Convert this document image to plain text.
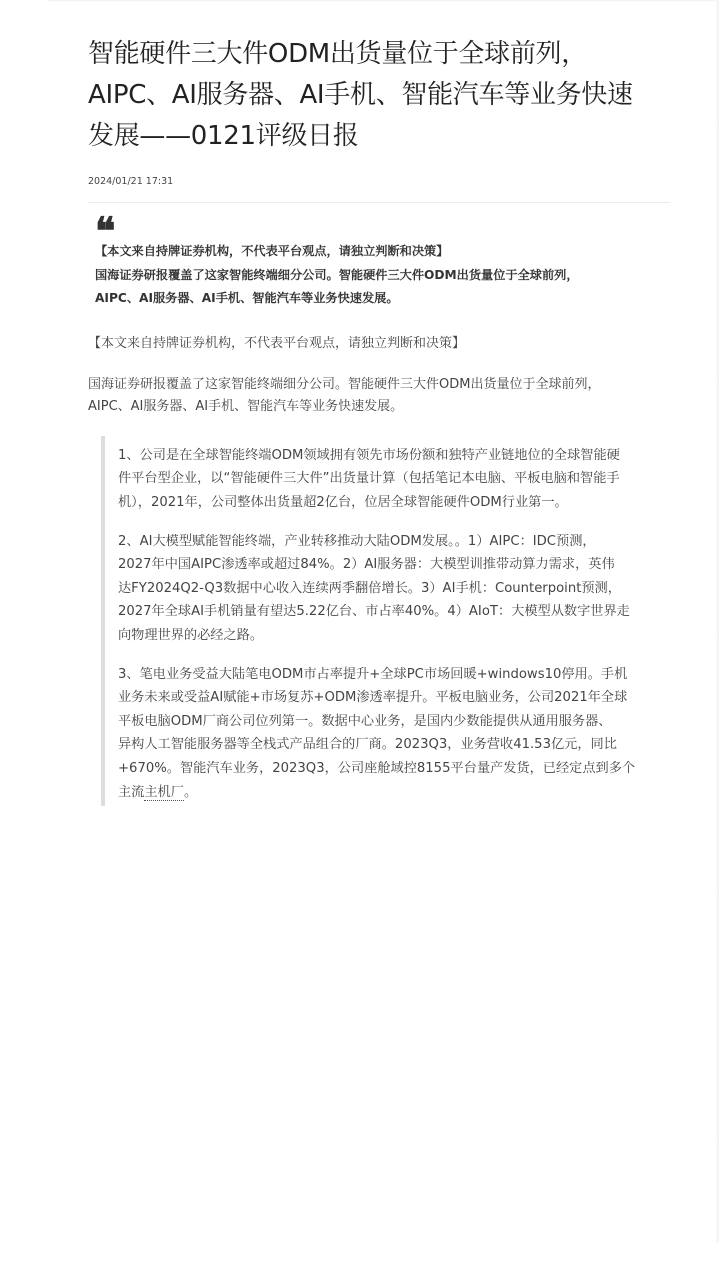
智能硬件三大件ODM出货量位于全球前列，
AIPC、AI服务器、AI手机、智能汽车等业务快速
发展——0121评级日报
2024/01/21 17:31
❝
【本文来自持牌证券机构，不代表平台观点，请独立判断和决策】
国海证券研报覆盖了这家智能终端细分公司。智能硬件三大件ODM出货量位于全球前列，
AIPC、AI服务器、AI手机、智能汽车等业务快速发展。

【本文来自持牌证券机构，不代表平台观点，请独立判断和决策】

国海证券研报覆盖了这家智能终端细分公司。智能硬件三大件ODM出货量位于全球前列，
AIPC、AI服务器、AI手机、智能汽车等业务快速发展。

1、公司是在全球智能终端ODM领域拥有领先市场份额和独特产业链地位的全球智能硬
件平台型企业，以“智能硬件三大件”出货量计算（包括笔记本电脑、平板电脑和智能手
机），2021年，公司整体出货量超2亿台，位居全球智能硬件ODM行业第一。

2、AI大模型赋能智能终端，产业转移推动大陆ODM发展。。1）AIPC：IDC预测，
2027年中国AIPC渗透率或超过84%。2）AI服务器：大模型训推带动算力需求，英伟
达FY2024Q2-Q3数据中心收入连续两季翻倍增长。3）AI手机：Counterpoint预测，
2027年全球AI手机销量有望达5.22亿台、市占率40%。4）AIoT：大模型从数字世界走
向物理世界的必经之路。

3、笔电业务受益大陆笔电ODM市占率提升+全球PC市场回暖+windows10停用。手机
业务未来或受益AI赋能+市场复苏+ODM渗透率提升。平板电脑业务，公司2021年全球
平板电脑ODM厂商公司位列第一。数据中心业务，是国内少数能提供从通用服务器、
异构人工智能服务器等全栈式产品组合的厂商。2023Q3，业务营收41.53亿元，同比
+670%。智能汽车业务，2023Q3，公司座舱域控8155平台量产发货，已经定点到多个
主流主机厂。
